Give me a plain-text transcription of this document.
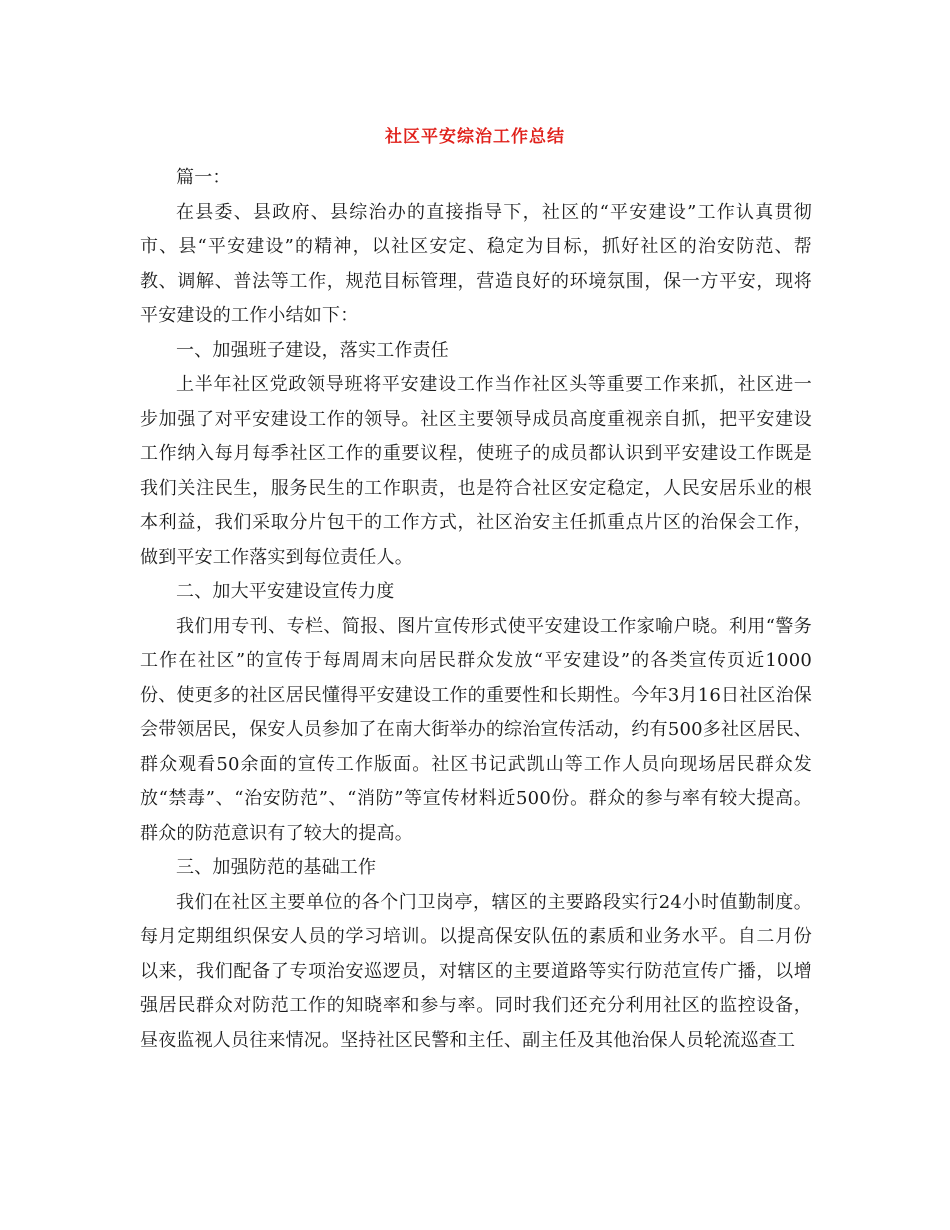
社区平安综治工作总结

篇一：

在县委、县政府、县综治办的直接指导下，社区的“平安建设”工作认真贯彻市、县“平安建设”的精神，以社区安定、稳定为目标，抓好社区的治安防范、帮教、调解、普法等工作，规范目标管理，营造良好的环境氛围，保一方平安，现将平安建设的工作小结如下：

一、加强班子建设，落实工作责任

上半年社区党政领导班将平安建设工作当作社区头等重要工作来抓，社区进一步加强了对平安建设工作的领导。社区主要领导成员高度重视亲自抓，把平安建设工作纳入每月每季社区工作的重要议程，使班子的成员都认识到平安建设工作既是我们关注民生，服务民生的工作职责，也是符合社区安定稳定，人民安居乐业的根本利益，我们采取分片包干的工作方式，社区治安主任抓重点片区的治保会工作，做到平安工作落实到每位责任人。

二、加大平安建设宣传力度

我们用专刊、专栏、简报、图片宣传形式使平安建设工作家喻户晓。利用“警务工作在社区”的宣传于每周周末向居民群众发放“平安建设”的各类宣传页近1000份、使更多的社区居民懂得平安建设工作的重要性和长期性。今年3月16日社区治保会带领居民，保安人员参加了在南大街举办的综治宣传活动，约有500多社区居民、群众观看50余面的宣传工作版面。社区书记武凯山等工作人员向现场居民群众发放“禁毒”、“治安防范”、“消防”等宣传材料近500份。群众的参与率有较大提高。群众的防范意识有了较大的提高。

三、加强防范的基础工作

我们在社区主要单位的各个门卫岗亭，辖区的主要路段实行24小时值勤制度。每月定期组织保安人员的学习培训。以提高保安队伍的素质和业务水平。自二月份以来，我们配备了专项治安巡逻员，对辖区的主要道路等实行防范宣传广播，以增强居民群众对防范工作的知晓率和参与率。同时我们还充分利用社区的监控设备，昼夜监视人员往来情况。坚持社区民警和主任、副主任及其他治保人员轮流巡查工
